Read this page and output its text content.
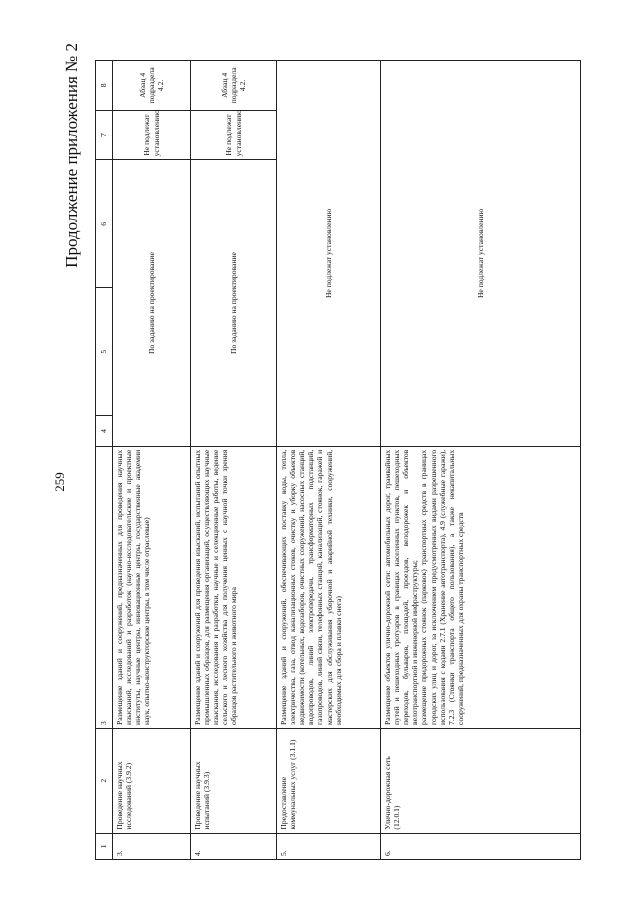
259
Продолжение приложения № 2
1	2	3	4	5	6	7	8
3.	Проведение научных исследований (3.9.2)	Размещение зданий и сооружений, предназначенных для проведения научных изысканий, исследований и разработок (научно-исследовательские и проектные институты, научные центры, инновационные центры, государственные академии наук, опытно-конструкторские центры, в том числе отраслевые)	По заданию на проектирование			Не подлежат установлению	Абзац 4 подраздела 4.2.
4.	Проведение научных испытаний (3.9.3)	Размещение зданий и сооружений для проведения изысканий, испытаний опытных промышленных образцов, для размещения организаций, осуществляющих научные изыскания, исследования и разработки, научные и селекционные работы, ведение сельского и лесного хозяйства для получения ценных с научной точки зрения образцов растительного и животного мира	По заданию на проектирование			Не подлежат установлению	Абзац 4 подраздела 4.2.
5.	Предоставление коммунальных услуг (3.1.1)	Размещение зданий и сооружений, обеспечивающих поставку воды, тепла, электричества, газа, отвод канализационных стоков, очистку и уборку объектов недвижимости (котельных, водозаборов, очистных сооружений, насосных станций, водопроводов, линий электропередачи, трансформаторных подстанций, газопроводов, линий связи, телефонных станций, канализаций, стоянок, гаражей и мастерских для обслуживания уборочной и аварийной техники, сооружений, необходимых для сбора и плавки снега)	Не подлежат установлению				
6.	Улично-дорожная сеть (12.0.1)	Размещение объектов улично-дорожной сети: автомобильных дорог, трамвайных путей и пешеходных тротуаров в границах населенных пунктов, пешеходных переходов, бульваров, площадей, проездов, велодорожек и объектов велотранспортной и инженерной инфраструктуры; размещение придорожных стоянок (парковок) транспортных средств в границах городских улиц и дорог, за исключением предусмотренных видами разрешенного использования с кодами 2.7.1 (Хранение автотранспорта), 4.9 (служебные гаражи), 7.2.3 (Стоянки транспорта общего пользования), а также некапитальных сооружений, предназначенных для охраны транспортных средств	Не подлежат установлению				
